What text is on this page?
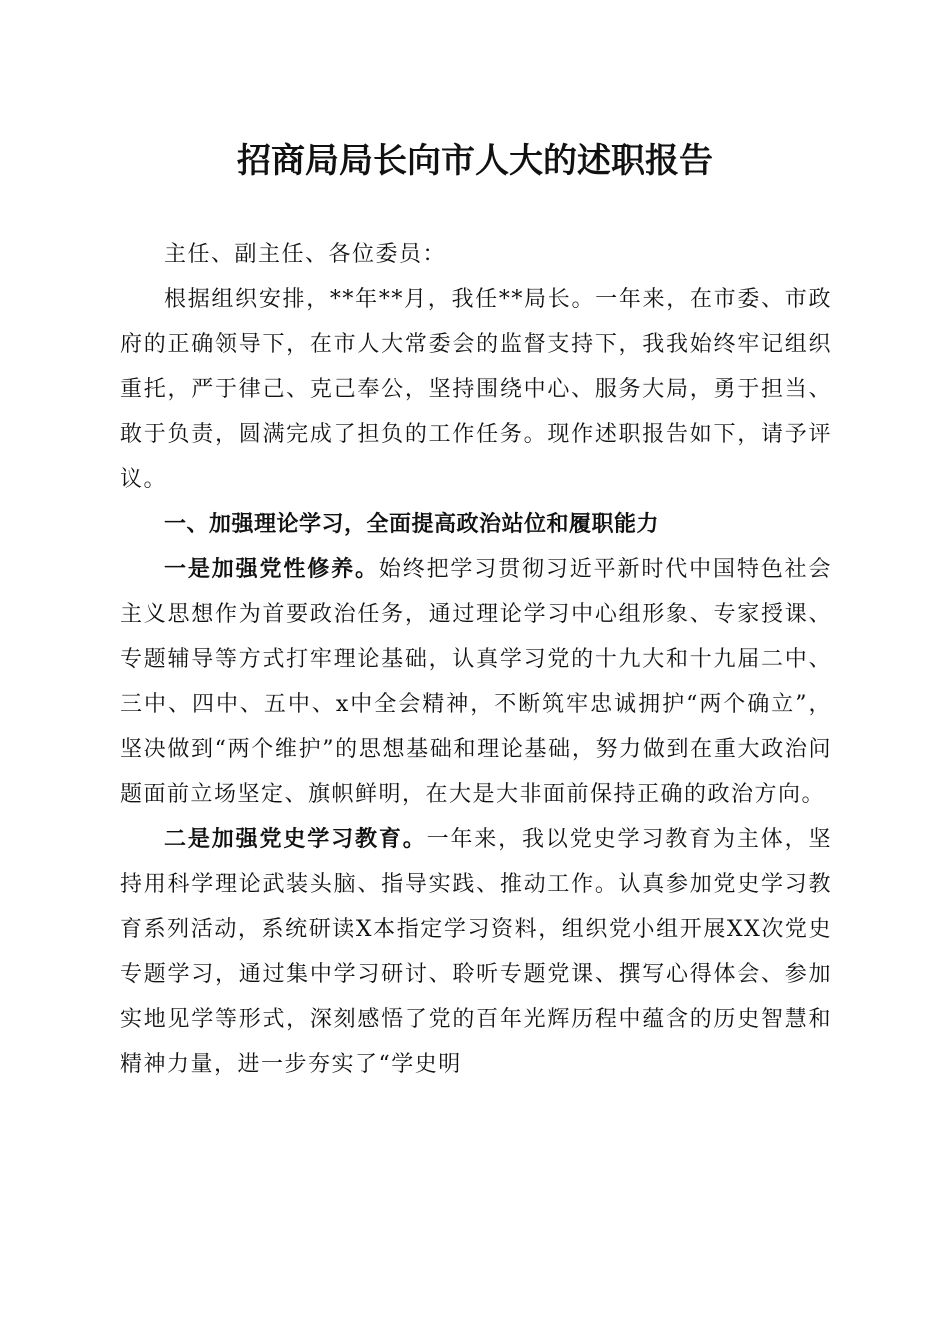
招商局局长向市人大的述职报告

主任、副主任、各位委员：

根据组织安排，**年**月，我任**局长。一年来，在市委、市政府的正确领导下，在市人大常委会的监督支持下，我我始终牢记组织重托，严于律己、克己奉公，坚持围绕中心、服务大局，勇于担当、敢于负责，圆满完成了担负的工作任务。现作述职报告如下，请予评议。

一、加强理论学习，全面提高政治站位和履职能力

一是加强党性修养。始终把学习贯彻习近平新时代中国特色社会主义思想作为首要政治任务，通过理论学习中心组形象、专家授课、专题辅导等方式打牢理论基础，认真学习党的十九大和十九届二中、三中、四中、五中、x中全会精神，不断筑牢忠诚拥护“两个确立”，坚决做到“两个维护”的思想基础和理论基础，努力做到在重大政治问题面前立场坚定、旗帜鲜明，在大是大非面前保持正确的政治方向。

二是加强党史学习教育。一年来，我以党史学习教育为主体，坚持用科学理论武装头脑、指导实践、推动工作。认真参加党史学习教育系列活动，系统研读X本指定学习资料，组织党小组开展XX次党史专题学习，通过集中学习研讨、聆听专题党课、撰写心得体会、参加实地见学等形式，深刻感悟了党的百年光辉历程中蕴含的历史智慧和精神力量，进一步夯实了“学史明
